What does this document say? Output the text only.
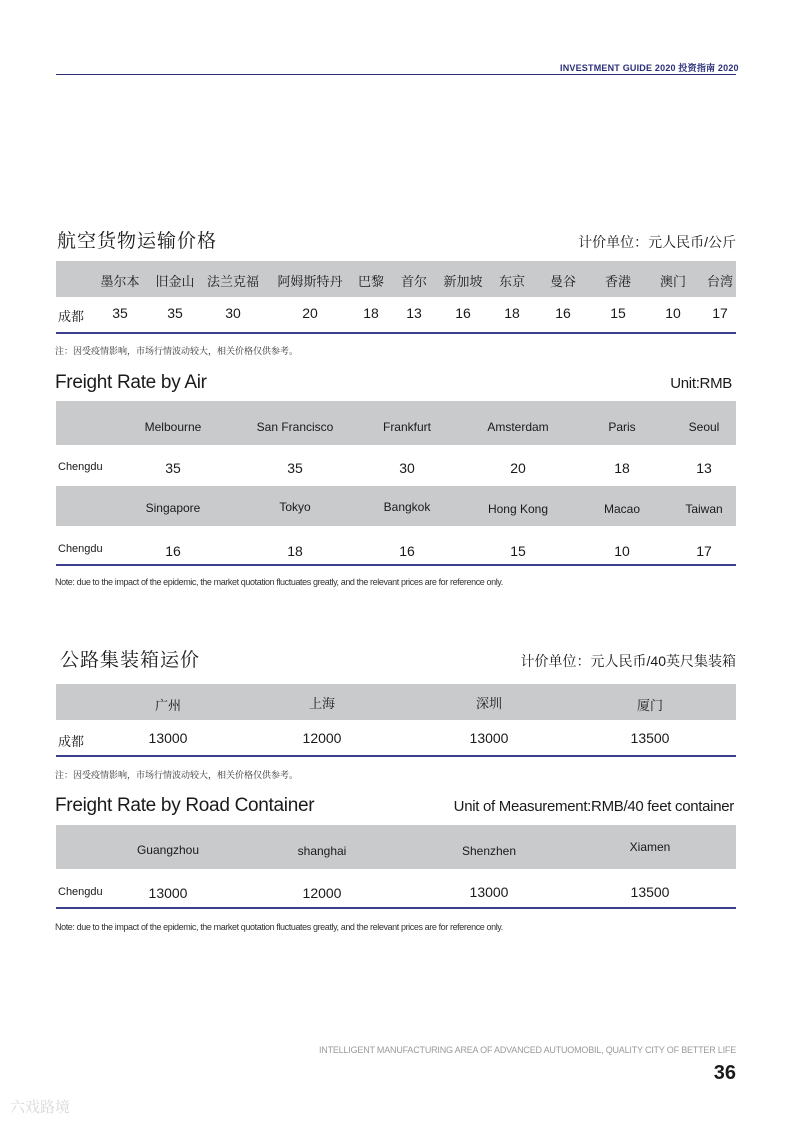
INVESTMENT GUIDE 2020 投资指南 2020
航空货物运输价格	计价单位：元人民币/公斤
墨尔本	旧金山 法兰克福	阿姆斯特丹	巴黎	首尔	新加坡	东京	曼谷	香港	澳门	台湾
成都	35	35	30	20	18	13	16	18	16	15	10	17
注：因受疫情影响，市场行情波动较大，相关价格仅供参考。
Freight Rate by Air	Unit:RMB
Melbourne	San Francisco	Frankfurt	Amsterdam	Paris	Seoul
Chengdu	35	35	30	20	18	13
Singapore	Tokyo	Bangkok	Hong Kong	Macao	Taiwan
Chengdu	16	18	16	15	10	17
Note: due to the impact of the epidemic, the market quotation fluctuates greatly, and the relevant prices are for reference only.
公路集装箱运价	计价单位：元人民币/40英尺集装箱
广州	上海	深圳	厦门
成都	13000	12000	13000	13500
注：因受疫情影响，市场行情波动较大，相关价格仅供参考。
Freight Rate by Road Container	Unit of Measurement:RMB/40 feet container
Guangzhou	shanghai	Shenzhen	Xiamen
Chengdu	13000	12000	13000	13500
Note: due to the impact of the epidemic, the market quotation fluctuates greatly, and the relevant prices are for reference only.
INTELLIGENT MANUFACTURING AREA OF ADVANCED AUTUOMOBIL, QUALITY CITY OF BETTER LIFE
36
六戏路境
